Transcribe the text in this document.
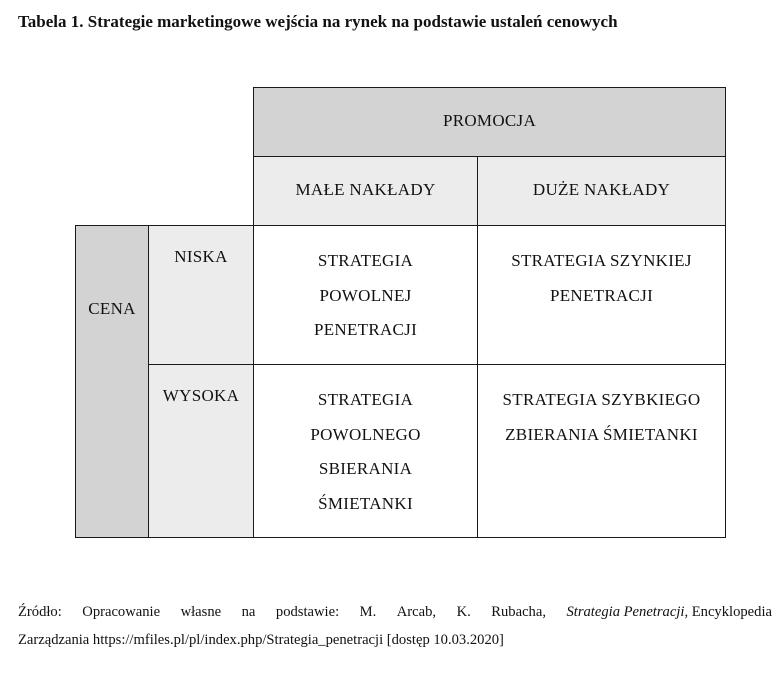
Tabela 1. Strategie marketingowe wejścia na rynek na podstawie ustaleń cenowych
PROMOCJA
MAŁE NAKŁADY	DUŻE NAKŁADY
CENA
NISKA
WYSOKA
STRATEGIA
POWOLNEJ
PENETRACJI
STRATEGIA SZYNKIEJ
PENETRACJI
STRATEGIA
POWOLNEGO
SBIERANIA
ŚMIETANKI
STRATEGIA SZYBKIEGO
ZBIERANIA ŚMIETANKI
Źródło: Opracowanie własne na podstawie: M. Arcab, K. Rubacha, Strategia Penetracji, Encyklopedia
Zarządzania https://mfiles.pl/pl/index.php/Strategia_penetracji [dostęp 10.03.2020]
